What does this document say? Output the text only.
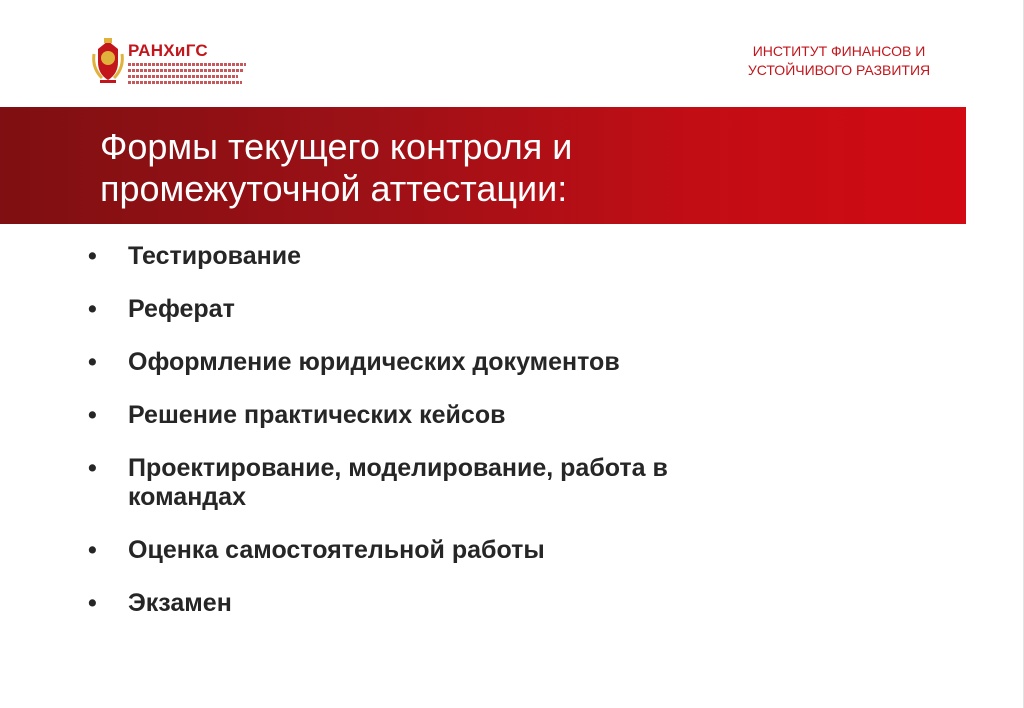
РАНХиГС	ИНСТИТУТ ФИНАНСОВ И
УСТОЙЧИВОГО РАЗВИТИЯ
Формы текущего контроля и
промежуточной аттестации:
•	Тестирование
•	Реферат
•	Оформление юридических документов
•	Решение практических кейсов
•	Проектирование, моделирование, работа в командах
•	Оценка самостоятельной работы
•	Экзамен
